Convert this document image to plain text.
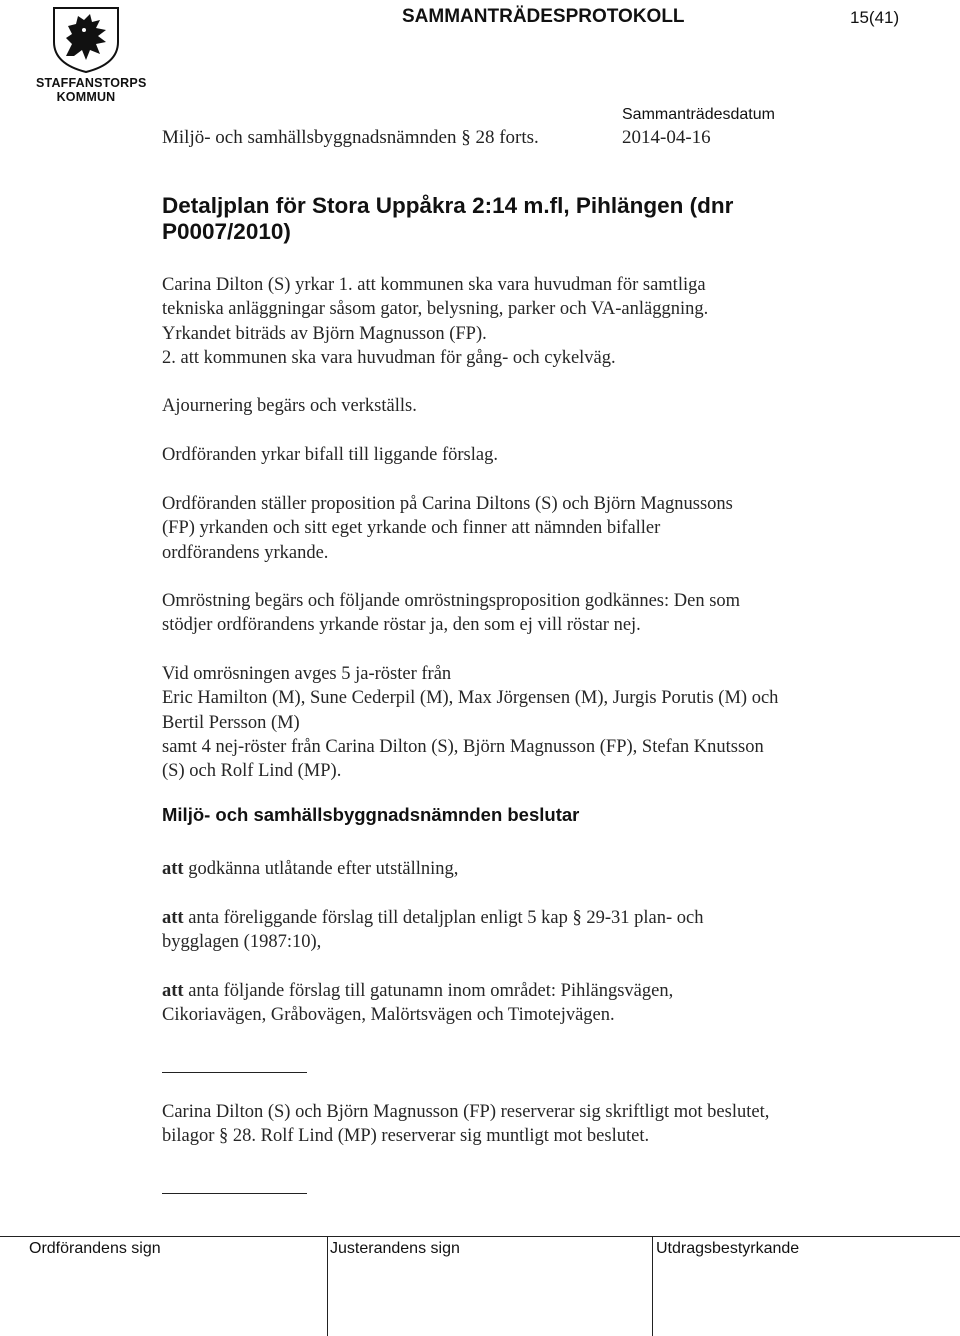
STAFFANSTORPS
KOMMUN
SAMMANTRÄDESPROTOKOLL	15(41)
Sammanträdesdatum
Miljö- och samhällsbyggnadsnämnden § 28 forts.	2014-04-16
Detaljplan för Stora Uppåkra 2:14 m.fl, Pihlängen (dnr
P0007/2010)

Carina Dilton (S) yrkar 1. att kommunen ska vara huvudman för samtliga

tekniska anläggningar såsom gator, belysning, parker och VA-anläggning.

Yrkandet biträds av Björn Magnusson (FP).

2. att kommunen ska vara huvudman för gång- och cykelväg.

Ajournering begärs och verkställs.

Ordföranden yrkar bifall till liggande förslag.

Ordföranden ställer proposition på Carina Diltons (S) och Björn Magnussons

(FP) yrkanden och sitt eget yrkande och finner att nämnden bifaller

ordförandens yrkande.

Omröstning begärs och följande omröstningsproposition godkännes: Den som

stödjer ordförandens yrkande röstar ja, den som ej vill röstar nej.

Vid omrösningen avges 5 ja-röster från

Eric Hamilton (M), Sune Cederpil (M), Max Jörgensen (M), Jurgis Porutis (M) och

Bertil Persson (M)

samt 4 nej-röster från Carina Dilton (S), Björn Magnusson (FP), Stefan Knutsson

(S) och Rolf Lind (MP).

Miljö- och samhällsbyggnadsnämnden beslutar

att godkänna utlåtande efter utställning,

att anta föreliggande förslag till detaljplan enligt 5 kap § 29-31 plan- och

bygglagen (1987:10),

att anta följande förslag till gatunamn inom området: Pihlängsvägen,

Cikoriavägen, Gråbovägen, Malörtsvägen och Timotejvägen.

Carina Dilton (S) och Björn Magnusson (FP) reserverar sig skriftligt mot beslutet,

bilagor § 28. Rolf Lind (MP) reserverar sig muntligt mot beslutet.

Ordförandens sign	Justerandens sign	Utdragsbestyrkande
